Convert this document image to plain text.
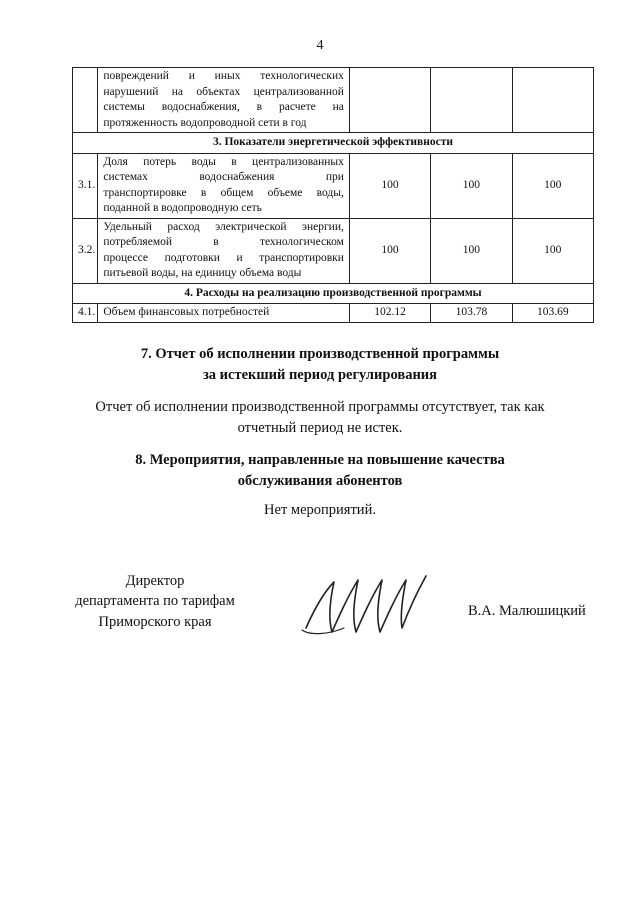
4

	повреждений и иных технологических
нарушений на объектах централизованной
системы водоснабжения, в расчете на
протяженность водопроводной сети в год			

3. Показатели энергетической эффективности				
3.1.	Доля потерь воды в централизованных
системах водоснабжения при
транспортировке в общем объеме воды,
поданной в водопроводную сеть	100	100	100
3.2.	Удельный расход электрической энергии,
потребляемой в технологическом
процессе подготовки и транспортировки
питьевой воды, на единицу объема воды	100	100	100
4. Расходы на реализацию производственной программы				
4.1.	Объем финансовых потребностей	102.12	103.78	103.69
7. Отчет об исполнении производственной программы
за истекший период регулирования
Отчет об исполнении производственной программы отсутствует, так как
отчетный период не истек.
8. Мероприятия, направленные на повышение качества
обслуживания абонентов
Нет мероприятий.
Директор
департамента по тарифам
Приморского края
В.А. Малюшицкий
